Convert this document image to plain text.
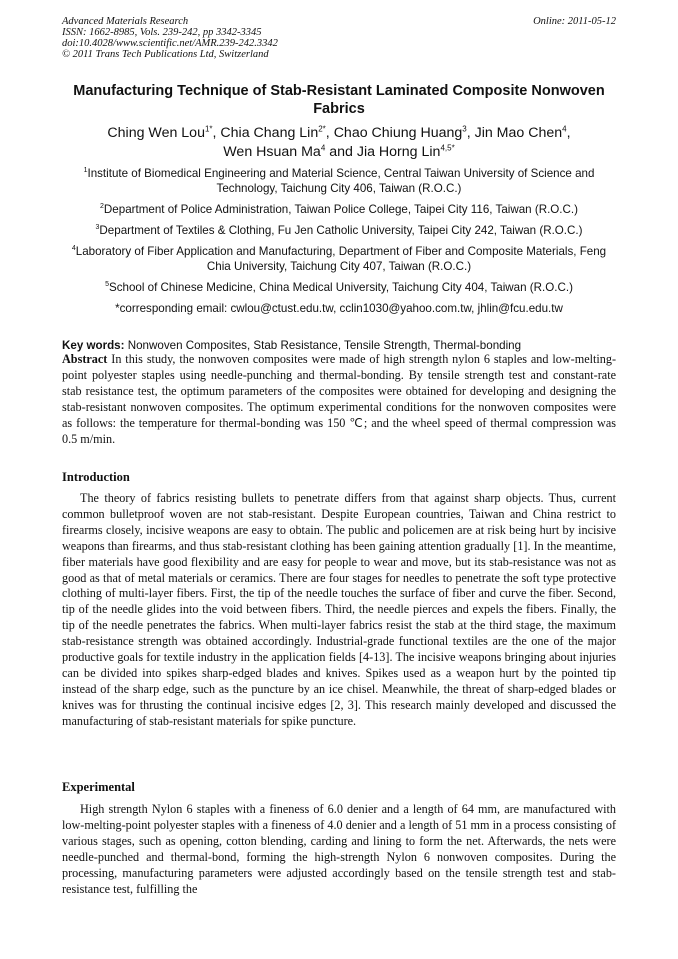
Advanced Materials Research
ISSN: 1662-8985, Vols. 239-242, pp 3342-3345
doi:10.4028/www.scientific.net/AMR.239-242.3342
© 2011 Trans Tech Publications Ltd, Switzerland
Online: 2011-05-12
Manufacturing Technique of Stab-Resistant Laminated Composite Nonwoven Fabrics
Ching Wen Lou$^{1*}$, Chia Chang Lin$^{2*}$, Chao Chiung Huang$^3$, Jin Mao Chen$^4$,
Wen Hsuan Ma$^4$ and Jia Horng Lin$^{4,5*}$
$^1$Institute of Biomedical Engineering and Material Science, Central Taiwan University of Science and Technology, Taichung City 406, Taiwan (R.O.C.)
$^2$Department of Police Administration, Taiwan Police College, Taipei City 116, Taiwan (R.O.C.)
$^3$Department of Textiles & Clothing, Fu Jen Catholic University, Taipei City 242, Taiwan (R.O.C.)
$^4$Laboratory of Fiber Application and Manufacturing, Department of Fiber and Composite Materials, Feng Chia University, Taichung City 407, Taiwan (R.O.C.)
$^5$School of Chinese Medicine, China Medical University, Taichung City 404, Taiwan (R.O.C.)
*corresponding email: cwlou@ctust.edu.tw, cclin1030@yahoo.com.tw, jhlin@fcu.edu.tw
Key words: Nonwoven Composites, Stab Resistance, Tensile Strength, Thermal-bonding
Abstract In this study, the nonwoven composites were made of high strength nylon 6 staples and low-melting-point polyester staples using needle-punching and thermal-bonding. By tensile strength test and constant-rate stab resistance test, the optimum parameters of the composites were obtained for developing and designing the stab-resistant nonwoven composites. The optimum experimental conditions for the nonwoven composites were as follows: the temperature for thermal-bonding was 150 ℃; and the wheel speed of thermal compression was 0.5 m/min.
Introduction
The theory of fabrics resisting bullets to penetrate differs from that against sharp objects. Thus, current common bulletproof woven are not stab-resistant. Despite European countries, Taiwan and China restrict to firearms closely, incisive weapons are easy to obtain. The public and policemen are at risk being hurt by incisive weapons than firearms, and thus stab-resistant clothing has been gaining attention gradually [1]. In the meantime, fiber materials have good flexibility and are easy for people to wear and move, but its stab-resistance was not as good as that of metal materials or ceramics. There are four stages for needles to penetrate the soft type protective clothing of multi-layer fibers. First, the tip of the needle touches the surface of fiber and curve the fiber. Second, tip of the needle glides into the void between fibers. Third, the needle pierces and expels the fibers. Finally, the tip of the needle penetrates the fabrics. When multi-layer fabrics resist the stab at the third stage, the maximum stab-resistance strength was obtained accordingly. Industrial-grade functional textiles are the one of the major productive goals for textile industry in the application fields [4-13]. The incisive weapons bringing about injuries can be divided into spikes sharp-edged blades and knives. Spikes used as a weapon hurt by the pointed tip instead of the sharp edge, such as the puncture by an ice chisel. Meanwhile, the threat of sharp-edged blades or knives was for thrusting the continual incisive edges [2, 3]. This research mainly developed and discussed the manufacturing of stab-resistant materials for spike puncture.
Experimental
High strength Nylon 6 staples with a fineness of 6.0 denier and a length of 64 mm, are manufactured with low-melting-point polyester staples with a fineness of 4.0 denier and a length of 51 mm in a process consisting of various stages, such as opening, cotton blending, carding and lining to form the net. Afterwards, the nets were needle-punched and thermal-bond, forming the high-strength Nylon 6 nonwoven composites. During the processing, manufacturing parameters were adjusted accordingly based on the tensile strength test and stab-resistance test, fulfilling the
